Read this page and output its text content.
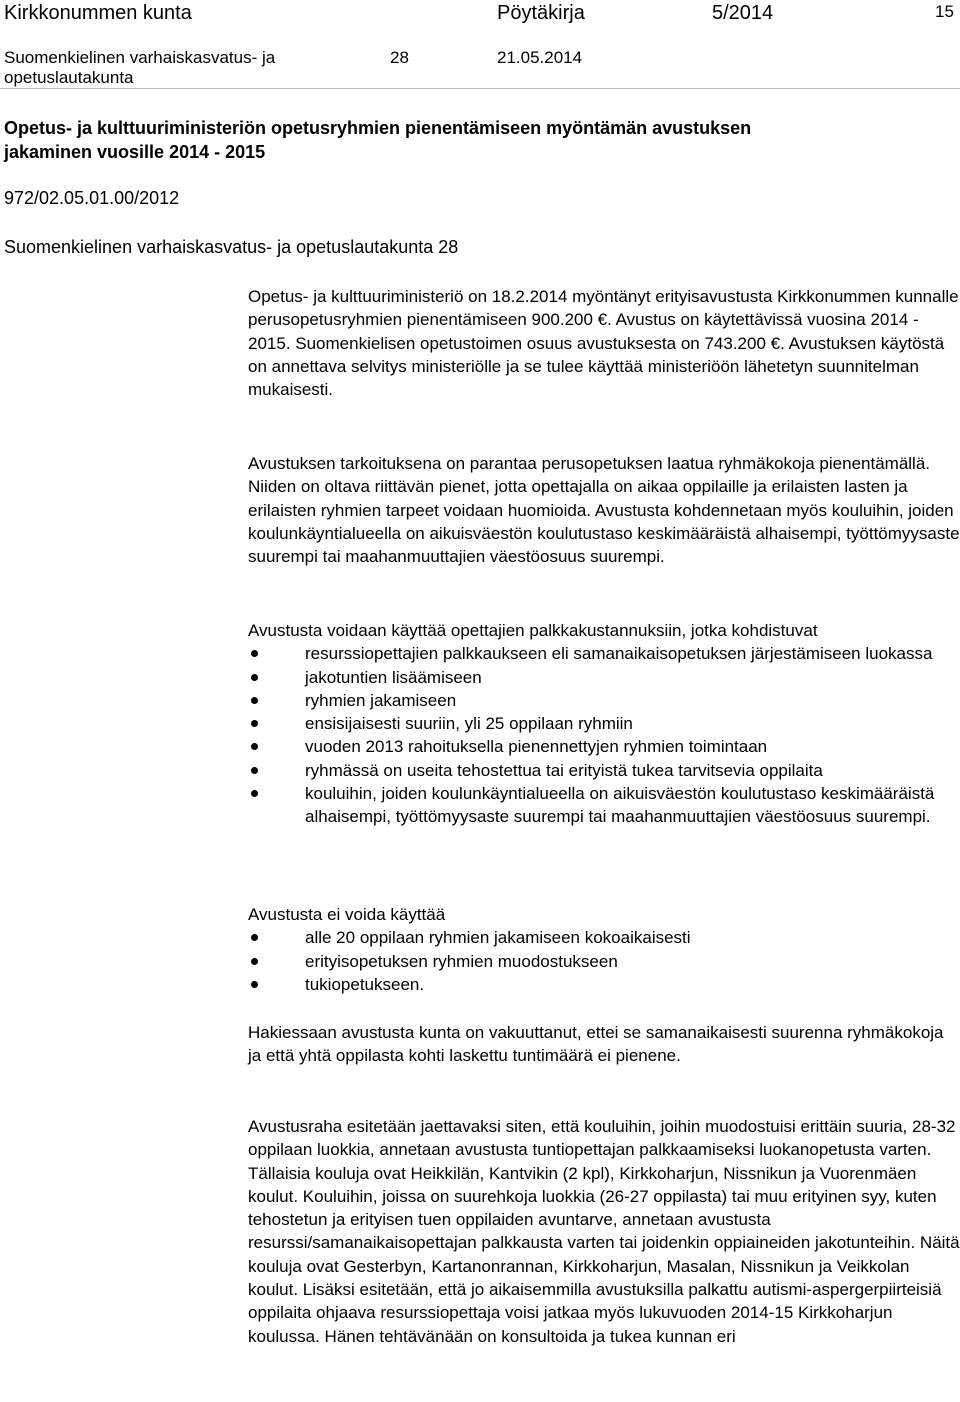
Kirkkonummen kunta	Pöytäkirja	5/2014	15
Suomenkielinen varhaiskasvatus- ja
opetuslautakunta
28	21.05.2014
Opetus- ja kulttuuriministeriön opetusryhmien pienentämiseen myöntämän avustuksen
jakaminen vuosille 2014 - 2015
972/02.05.01.00/2012
Suomenkielinen varhaiskasvatus- ja opetuslautakunta 28

Opetus- ja kulttuuriministeriö on 18.2.2014 myöntänyt erityisavustusta Kirkkonummen kunnalle perusopetusryhmien pienentämiseen 900.200 €. Avustus on käytettävissä vuosina 2014 - 2015. Suomenkielisen opetustoimen osuus avustuksesta on 743.200 €. Avustuksen käytöstä on annettava selvitys ministeriölle ja se tulee käyttää ministeriöön lähetetyn suunnitelman mukaisesti.

Avustuksen tarkoituksena on parantaa perusopetuksen laatua ryhmäkokoja pienentämällä. Niiden on oltava riittävän pienet, jotta opettajalla on aikaa oppilaille ja erilaisten lasten ja erilaisten ryhmien tarpeet voidaan huomioida. Avustusta kohdennetaan myös kouluihin, joiden koulunkäyntialueella on aikuisväestön koulutustaso keskimääräistä alhaisempi, työttömyysaste suurempi tai maahanmuuttajien väestöosuus suurempi.

Avustusta voidaan käyttää opettajien palkkakustannuksiin, jotka kohdistuvat

resurssiopettajien palkkaukseen eli samanaikaisopetuksen järjestämiseen luokassa
jakotuntien lisäämiseen
ryhmien jakamiseen
ensisijaisesti suuriin, yli 25 oppilaan ryhmiin
vuoden 2013 rahoituksella pienennettyjen ryhmien toimintaan
ryhmässä on useita tehostettua tai erityistä tukea tarvitsevia oppilaita
kouluihin, joiden koulunkäyntialueella on aikuisväestön koulutustaso keskimääräistä alhaisempi, työttömyysaste suurempi tai maahanmuuttajien väestöosuus suurempi.

Avustusta ei voida käyttää

alle 20 oppilaan ryhmien jakamiseen kokoaikaisesti
erityisopetuksen ryhmien muodostukseen
tukiopetukseen.

Hakiessaan avustusta kunta on vakuuttanut, ettei se samanaikaisesti suurenna ryhmäkokoja ja että yhtä oppilasta kohti laskettu tuntimäärä ei pienene.

Avustusraha esitetään jaettavaksi siten, että kouluihin, joihin muodostuisi erittäin suuria, 28-32 oppilaan luokkia, annetaan avustusta tuntiopettajan palkkaamiseksi luokanopetusta varten. Tällaisia kouluja ovat Heikkilän, Kantvikin (2 kpl), Kirkkoharjun, Nissnikun ja Vuorenmäen koulut. Kouluihin, joissa on suurehkoja luokkia (26-27 oppilasta) tai muu erityinen syy, kuten tehostetun ja erityisen tuen oppilaiden avuntarve, annetaan avustusta resurssi/samanaikaisopettajan palkkausta varten tai joidenkin oppiaineiden jakotunteihin. Näitä kouluja ovat Gesterbyn, Kartanonrannan, Kirkkoharjun, Masalan, Nissnikun ja Veikkolan koulut. Lisäksi esitetään, että jo aikaisemmilla avustuksilla palkattu autismi-aspergerpiirteisiä oppilaita ohjaava resurssiopettaja voisi jatkaa myös lukuvuoden 2014-15 Kirkkoharjun koulussa. Hänen tehtävänään on konsultoida ja tukea kunnan eri
